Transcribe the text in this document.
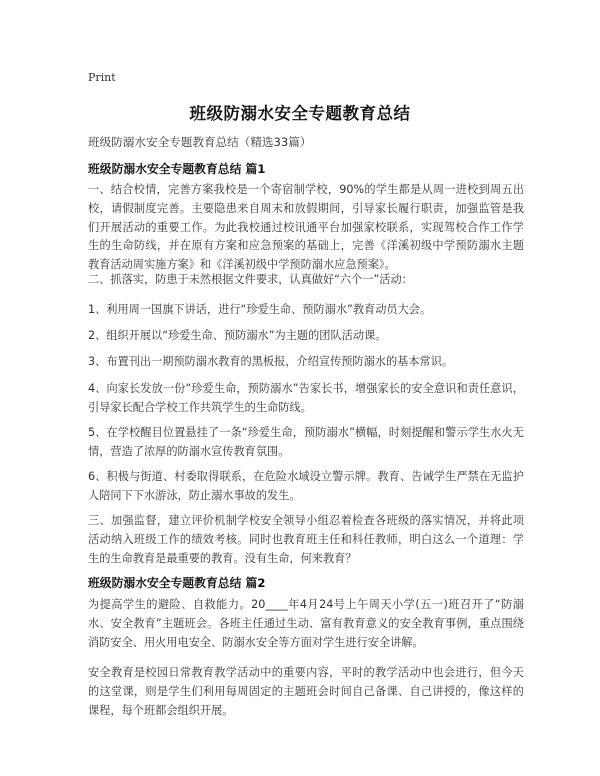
Print
班级防溺水安全专题教育总结
班级防溺水安全专题教育总结（精选33篇）
班级防溺水安全专题教育总结 篇1

一、结合校情，完善方案我校是一个寄宿制学校，90%的学生都是从周一进校到周五出校，请假制度完善。主要隐患来自周末和放假期间，引导家长履行职责，加强监管是我们开展活动的重要工作。为此我校通过校讯通平台加强家校联系，实现驾校合作工作学生的生命防线，并在原有方案和应急预案的基础上，完善《洋溪初级中学预防溺水主题教育活动周实施方案》和《洋溪初级中学预防溺水应急预案》。

二、抓落实，防患于未然根据文件要求，认真做好“六个一”活动：

1、利用周一国旗下讲话，进行“珍爱生命、预防溺水”教育动员大会。

2、组织开展以“珍爱生命、预防溺水”为主题的团队活动课。

3、布置刊出一期预防溺水教育的黑板报，介绍宣传预防溺水的基本常识。

4、向家长发放一份“珍爱生命，预防溺水”告家长书，增强家长的安全意识和责任意识，引导家长配合学校工作共筑学生的生命防线。

5、在学校醒目位置悬挂了一条“珍爱生命，预防溺水”横幅，时刻提醒和警示学生水火无情，营造了浓厚的防溺水宣传教育氛围。

6、积极与街道、村委取得联系，在危险水域设立警示牌。教育、告诫学生严禁在无监护人陪同下下水游泳，防止溺水事故的发生。

三、加强监督，建立评价机制学校安全领导小组忍着检查各班级的落实情况，并将此项活动纳入班级工作的绩效考核。同时也教育班主任和科任教师，明白这么一个道理：学生的生命教育是最重要的教育。没有生命，何来教育？

班级防溺水安全专题教育总结 篇2

为提高学生的避险、自救能力。20____年4月24号上午周天小学(五一)班召开了“防溺水、安全教育”主题班会。各班主任通过生动、富有教育意义的安全教育事例，重点围绕消防安全、用火用电安全、防溺水安全等方面对学生进行安全讲解。

安全教育是校园日常教育教学活动中的重要内容，平时的教学活动中也会进行，但今天的这堂课，则是学生们利用每周固定的主题班会时间自己备课、自己讲授的，像这样的课程，每个班都会组织开展。
